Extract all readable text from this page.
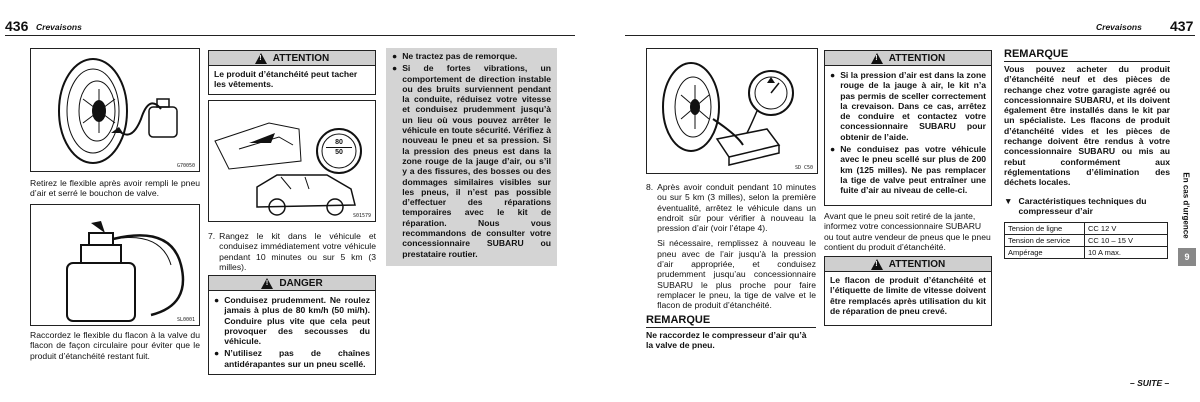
436 Crevaisons
G70050
Retirez le flexible après avoir rempli le pneu d’air et serré le bouchon de valve.
SL0001
Raccordez le flexible du flacon à la valve du flacon de façon circulaire pour éviter que le produit d’étanchéité restant fuit.
!
ATTENTION
Le produit d’étanchéité peut tacher les vêtements.
80
50
S01579
7. Rangez le kit dans le véhicule et conduisez immédiatement votre véhicule pendant 10 minutes ou sur 5 km (3 milles).
!
DANGER
● Conduisez prudemment. Ne roulez jamais à plus de 80 km/h (50 mi/h). Conduire plus vite que cela peut provoquer des secousses du véhicule.
● N’utilisez pas de chaînes antidérapantes sur un pneu scellé.
● Ne tractez pas de remorque.
● Si de fortes vibrations, un comportement de direction instable ou des bruits surviennent pendant la conduite, réduisez votre vitesse et conduisez prudemment jusqu’à un lieu où vous pouvez arrêter le véhicule en toute sécurité. Vérifiez à nouveau le pneu et sa pression. Si la pression des pneus est dans la zone rouge de la jauge d’air, ou s’il y a des fissures, des bosses ou des dommages similaires visibles sur les pneus, il n’est pas possible d’effectuer des réparations temporaires avec le kit de réparation. Nous vous recommandons de consulter votre concessionnaire SUBARU ou prestataire routier.
Crevaisons 437
SD C50
8. Après avoir conduit pendant 10 minutes ou sur 5 km (3 milles), selon la première éventualité, arrêtez le véhicule dans un endroit sûr pour vérifier à nouveau la pression d’air (voir l’étape 4).
Si nécessaire, remplissez à nouveau le pneu avec de l’air jusqu’à la pression d’air appropriée, et conduisez prudemment jusqu’au concessionnaire SUBARU le plus proche pour faire remplacer le pneu, la tige de valve et le flacon de produit d’étanchéité.
REMARQUE
Ne raccordez le compresseur d’air qu’à la valve de pneu.
!
ATTENTION
● Si la pression d’air est dans la zone rouge de la jauge à air, le kit n’a pas permis de sceller correctement la crevaison. Dans ce cas, arrêtez de conduire et contactez votre concessionnaire SUBARU pour obtenir de l’aide.
● Ne conduisez pas votre véhicule avec le pneu scellé sur plus de 200 km (125 milles). Ne pas remplacer la tige de valve peut entraîner une fuite d’air au niveau de celle-ci.
Avant que le pneu soit retiré de la jante, informez votre concessionnaire SUBARU ou tout autre vendeur de pneus que le pneu contient du produit d’étanchéité.
!
ATTENTION
Le flacon de produit d’étanchéité et l’étiquette de limite de vitesse doivent être remplacés après utilisation du kit de réparation de pneu crevé.
REMARQUE
Vous pouvez acheter du produit d’étanchéité neuf et des pièces de rechange chez votre garagiste agréé ou concessionnaire SUBARU, et ils doivent également être installés dans le kit par un spécialiste. Les flacons de produit d’étanchéité vides et les pièces de rechange doivent être rendus à votre concessionnaire SUBARU ou mis au rebut conformément aux réglementations d’élimination des déchets locales.
▼ Caractéristiques techniques du compresseur d’air
Tension de ligne	CC 12 V
Tension de service	CC 10 – 15 V
Ampérage	10 A max.
En cas d’urgence
9
– SUITE –
